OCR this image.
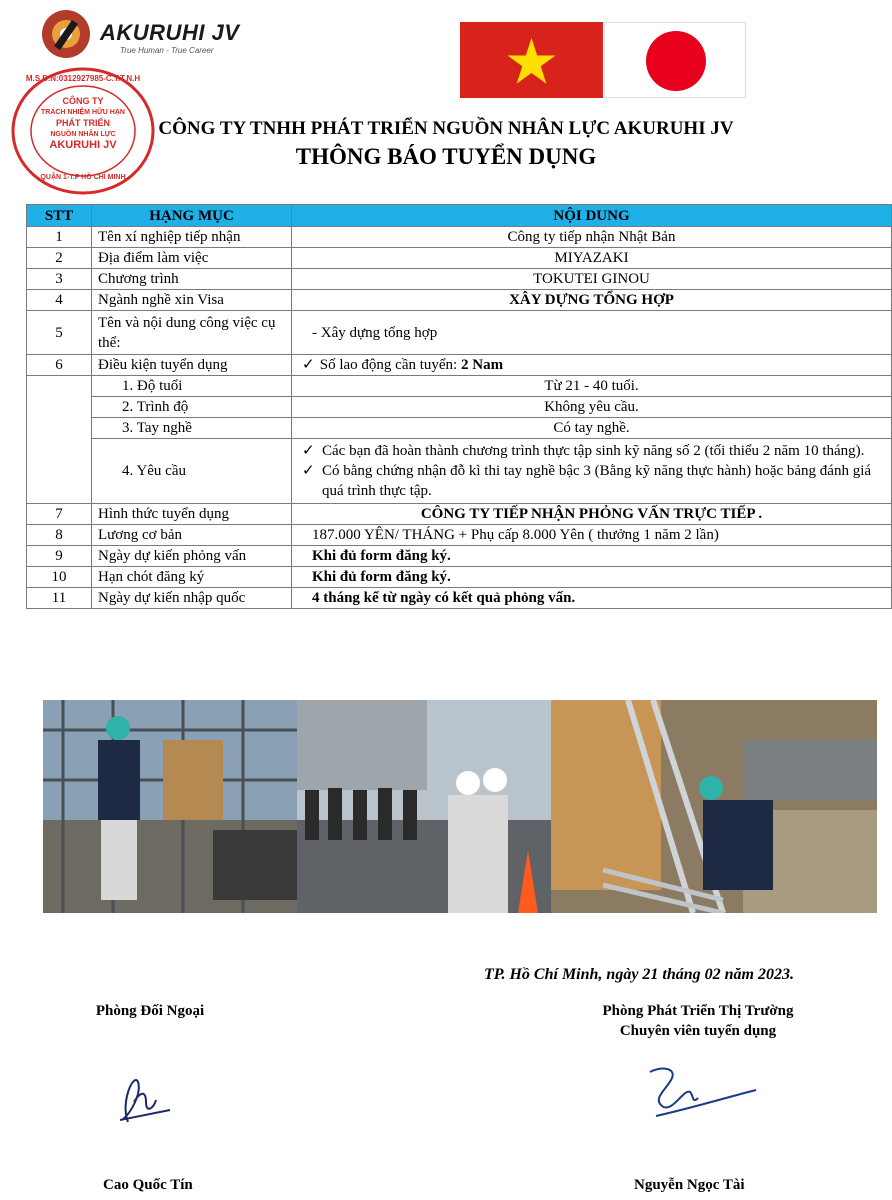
AKURUHI JV
True Human - True Career
M.S.D.N:0312927985-C.T.T.N.H
CÔNG TY
TRÁCH NHIỆM HỮU HẠN
PHÁT TRIỂN
NGUỒN NHÂN LỰC
AKURUHI JV
QUẬN 1-T.P HỒ CHÍ MINH
CÔNG TY TNHH PHÁT TRIỂN NGUỒN NHÂN LỰC AKURUHI JV
THÔNG BÁO TUYỂN DỤNG
STT	HẠNG MỤC	NỘI DUNG
1	Tên xí nghiệp tiếp nhận	Công ty tiếp nhận Nhật Bản
2	Địa điểm làm việc	MIYAZAKI
3	Chương trình	TOKUTEI GINOU
4	Ngành nghề xin Visa	XÂY DỰNG TỔNG HỢP
5	Tên và nội dung công việc cụ thể:	- Xây dựng tổng hợp
6	Điều kiện tuyển dụng	✓ Số lao động cần tuyển: 2 Nam
	1. Độ tuổi	Từ 21 - 40 tuổi.
	2. Trình độ	Không yêu cầu.
	3. Tay nghề	Có tay nghề.
	4. Yêu cầu	✓ Các bạn đã hoàn thành chương trình thực tập sinh kỹ năng số 2 (tối thiểu 2 năm 10 tháng).
✓ Có bằng chứng nhận đỗ kì thi tay nghề bậc 3 (Bằng kỹ năng thực hành) hoặc bảng đánh giá quá trình thực tập.

7	Hình thức tuyển dụng	CÔNG TY TIẾP NHẬN PHỎNG VẤN TRỰC TIẾP .
8	Lương cơ bản	187.000 YÊN/ THÁNG + Phụ cấp 8.000 Yên ( thưởng 1 năm 2 lần)
9	Ngày dự kiến phỏng vấn	Khi đủ form đăng ký.
10	Hạn chót đăng ký	Khi đủ form đăng ký.
11	Ngày dự kiến nhập quốc	4 tháng kể từ ngày có kết quả phỏng vấn.
TP. Hồ Chí Minh, ngày 21 tháng 02 năm 2023.
Phòng Đối Ngoại	Phòng Phát Triển Thị Trường
Chuyên viên tuyển dụng
Cao Quốc Tín	Nguyễn Ngọc Tài
